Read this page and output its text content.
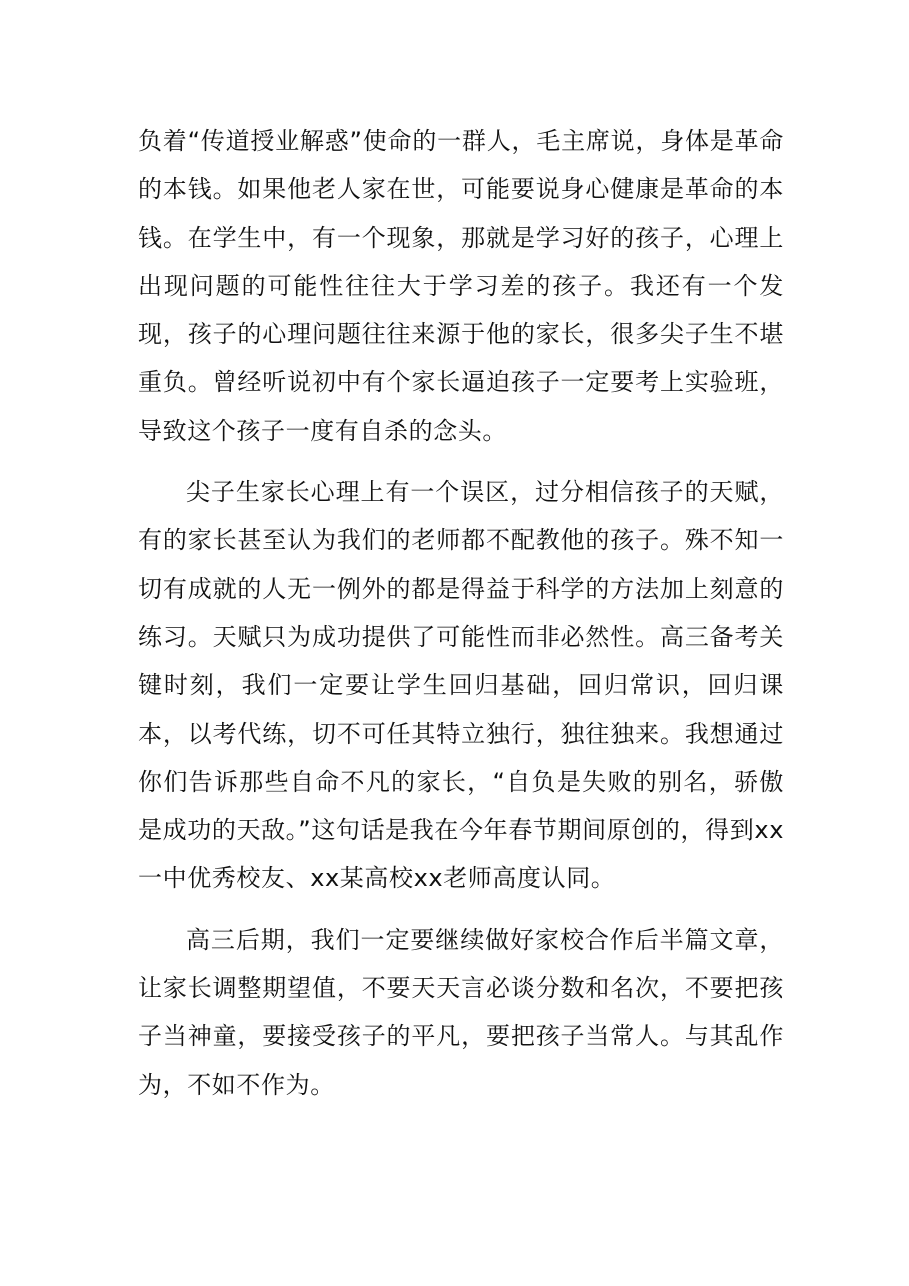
负着“传道授业解惑”使命的一群人，毛主席说，身体是革命的本钱。如果他老人家在世，可能要说身心健康是革命的本钱。在学生中，有一个现象，那就是学习好的孩子，心理上出现问题的可能性往往大于学习差的孩子。我还有一个发现，孩子的心理问题往往来源于他的家长，很多尖子生不堪重负。曾经听说初中有个家长逼迫孩子一定要考上实验班，导致这个孩子一度有自杀的念头。

尖子生家长心理上有一个误区，过分相信孩子的天赋，有的家长甚至认为我们的老师都不配教他的孩子。殊不知一切有成就的人无一例外的都是得益于科学的方法加上刻意的练习。天赋只为成功提供了可能性而非必然性。高三备考关键时刻，我们一定要让学生回归基础，回归常识，回归课本，以考代练，切不可任其特立独行，独往独来。我想通过你们告诉那些自命不凡的家长，“自负是失败的别名，骄傲是成功的天敌。”这句话是我在今年春节期间原创的，得到xx一中优秀校友、xx某高校xx老师高度认同。

高三后期，我们一定要继续做好家校合作后半篇文章，让家长调整期望值，不要天天言必谈分数和名次，不要把孩子当神童，要接受孩子的平凡，要把孩子当常人。与其乱作为，不如不作为。
